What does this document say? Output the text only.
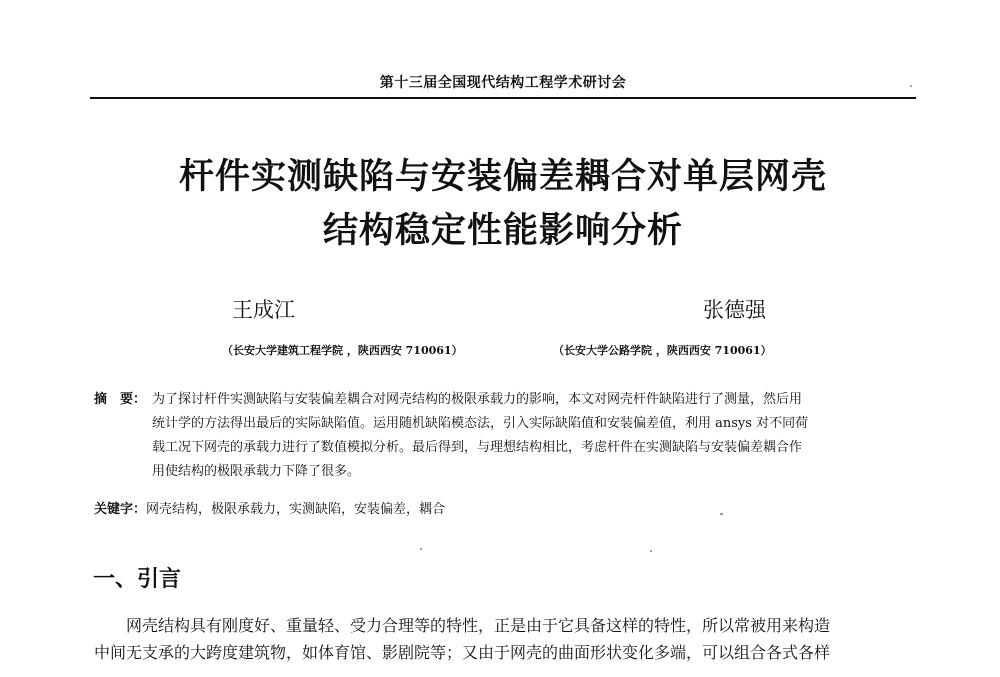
第十三届全国现代结构工程学术研讨会
杆件实测缺陷与安装偏差耦合对单层网壳
结构稳定性能影响分析
王成江	张德强
（长安大学建筑工程学院 ，陕西西安 710061）	（长安大学公路学院 ，陕西西安 710061）
摘　要： 为了探讨杆件实测缺陷与安装偏差耦合对网壳结构的极限承载力的影响，本文对网壳杆件缺陷进行了测量，然后用
统计学的方法得出最后的实际缺陷值。运用随机缺陷模态法，引入实际缺陷值和安装偏差值，利用 ansys 对不同荷
载工况下网壳的承载力进行了数值模拟分析。最后得到，与理想结构相比，考虑杆件在实测缺陷与安装偏差耦合作
用使结构的极限承载力下降了很多。
关键字：网壳结构，极限承载力，实测缺陷，安装偏差，耦合
一、引言
网壳结构具有刚度好、重量轻、受力合理等的特性，正是由于它具备这样的特性，所以常被用来构造
中间无支承的大跨度建筑物，如体育馆、影剧院等；又由于网壳的曲面形状变化多端，可以组合各式各样
